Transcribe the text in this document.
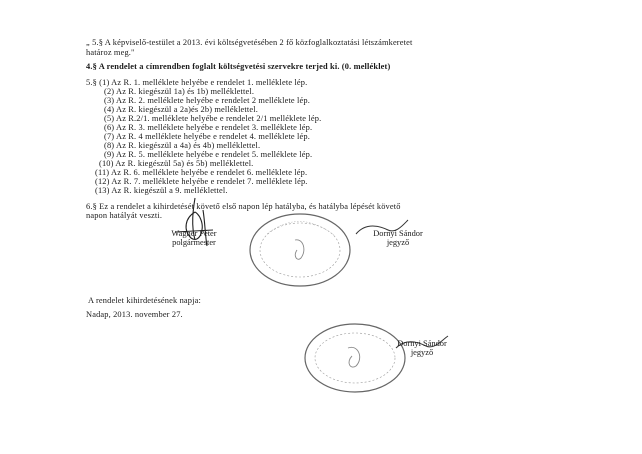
„ 5.§ A képviselő-testület a 2013. évi költségvetésében 2 fő közfoglalkoztatási létszámkeretet
határoz meg."
4.§ A rendelet a címrendben foglalt költségvetési szervekre terjed ki. (0. melléklet)
5.§ (1) Az R. 1. melléklete helyébe e rendelet 1. melléklete lép.
(2) Az R. kiegészül 1a) és 1b) melléklettel.
(3) Az R. 2. melléklete helyébe e rendelet 2 melléklete lép.
(4) Az R. kiegészül a 2a)és 2b) melléklettel.
(5) Az R.2/1. melléklete helyébe e rendelet 2/1 melléklete lép.
(6) Az R. 3. melléklete helyébe e rendelet 3. melléklete lép.
(7) Az R. 4 melléklete helyébe e rendelet 4. melléklete lép.
(8) Az R. kiegészül a 4a) és 4b) melléklettel.
(9) Az R. 5. melléklete helyébe e rendelet 5. melléklete lép.
(10) Az R. kiegészül 5a) és 5b) melléklettel.
(11) Az R. 6. melléklete helyébe e rendelet 6. melléklete lép.
(12) Az R. 7. melléklete helyébe e rendelet 7. melléklete lép.
(13) Az R. kiegészül a 9. melléklettel.
6.§ Ez a rendelet a kihirdetését követő első napon lép hatályba, és hatályba lépését követő
napon hatályát veszti.
Wagner Péter
polgármester
Dornyi Sándor
jegyző
A rendelet kihirdetésének napja:
Nadap, 2013. november 27.
Dornyi Sándor
jegyző
